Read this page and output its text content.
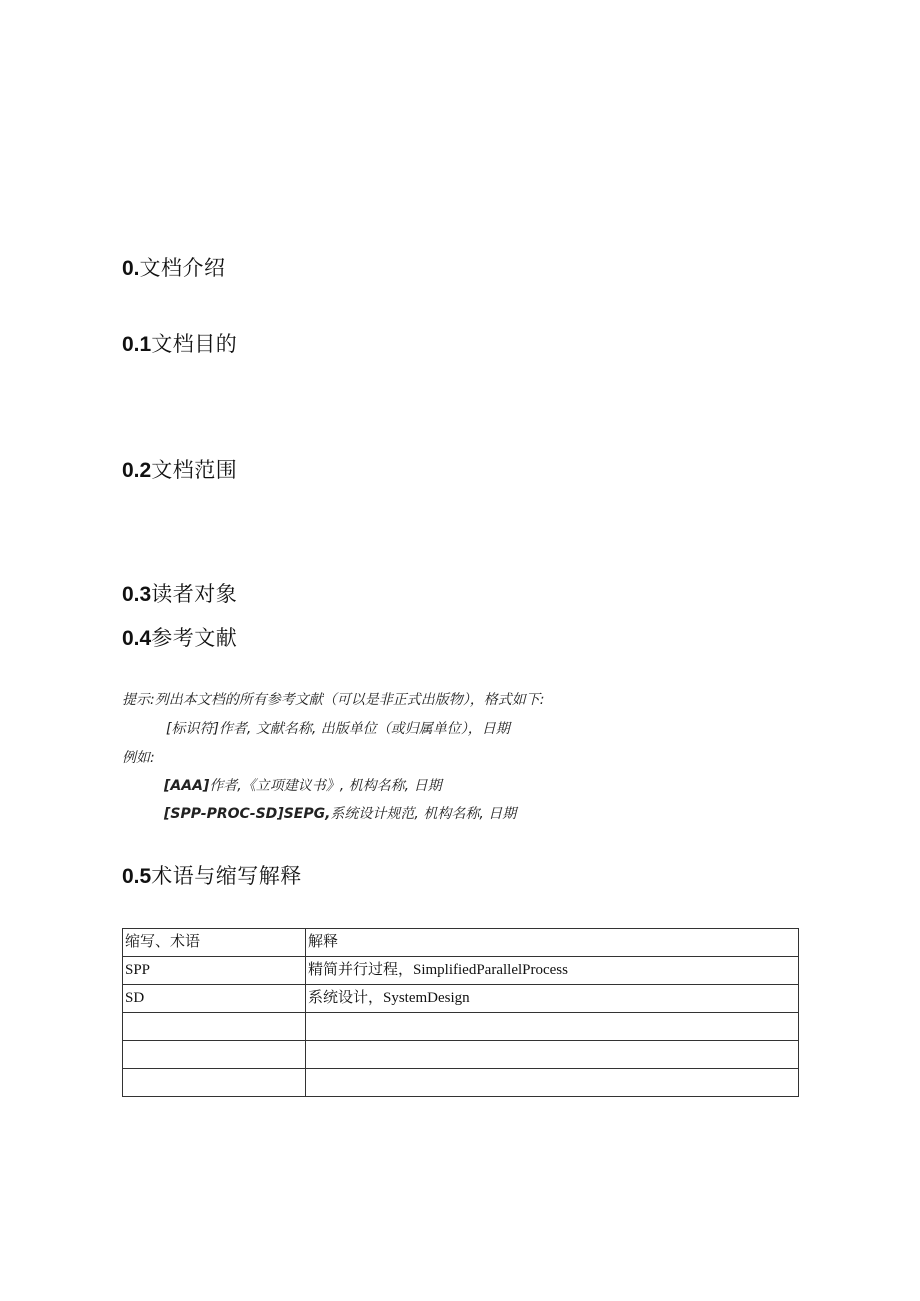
0.文档介绍
0.1文档目的
0.2文档范围
0.3读者对象
0.4参考文献
提示:列出本文档的所有参考文献（可以是非正式出版物），格式如下:
[标识符]作者, 文献名称, 出版单位（或归属单位），日期
例如:
[AAA]作者,《立项建议书》, 机构名称, 日期
[SPP-PROC-SD]SEPG,系统设计规范, 机构名称, 日期
0.5术语与缩写解释
缩写、术语	解释
SPP	精简并行过程，SimplifiedParallelProcess
SD	系统设计，SystemDesign
